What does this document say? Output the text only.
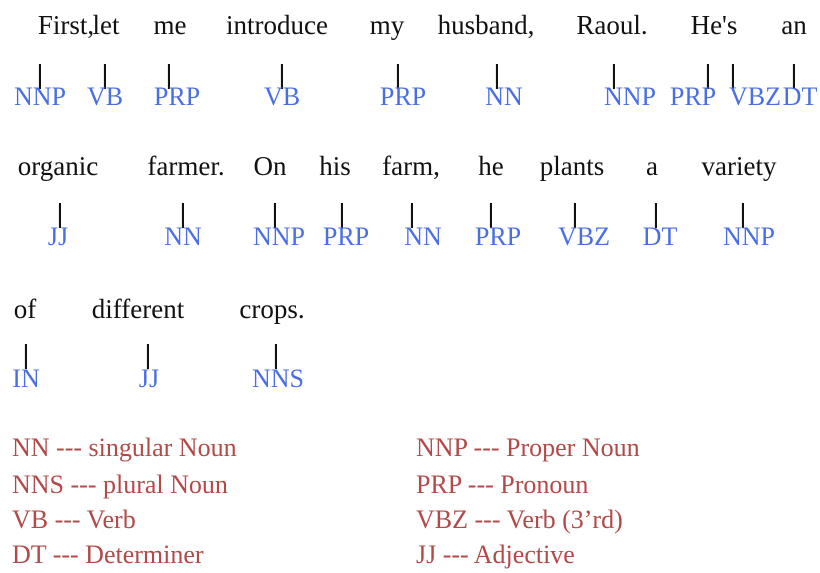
First,
let me introduce my husband, Raoul. He's an
|
NNP
|
VB
|
PRP
|
VB
|
PRP
|
NN
|
NNP
|
PRP
|
VBZ
|
DT
organic farmer. On his farm, he plants a variety
|
JJ
|
NN
|
NNP
|
PRP
|
NN
|
PRP
|
VBZ
|
DT
|
NNP
of different crops.
|
IN
|
JJ
|
NNS
NN --- singular Noun
NNS --- plural Noun
VB --- Verb
DT --- Determiner
NNP --- Proper Noun
PRP --- Pronoun
VBZ --- Verb (3’rd)
JJ --- Adjective
